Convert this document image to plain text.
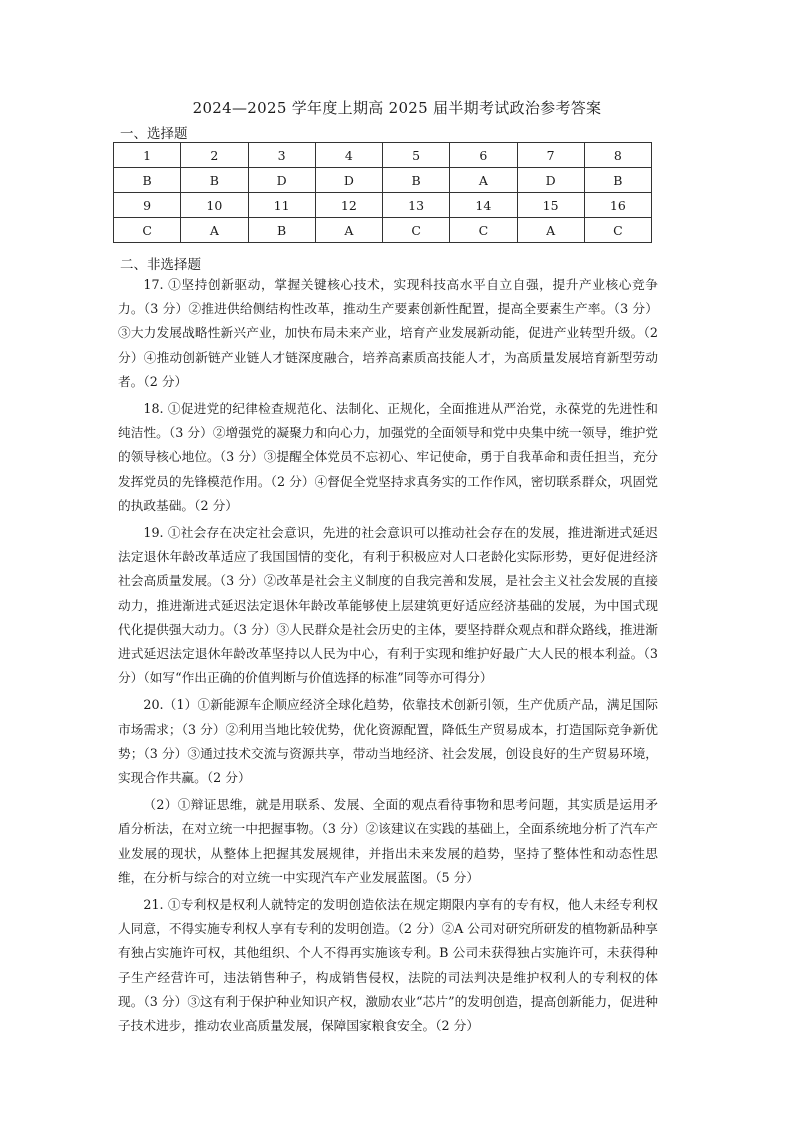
2024—2025 学年度上期高 2025 届半期考试政治参考答案
一、选择题
1	2	3	4	5	6	7	8
B	B	D	D	B	A	D	B
9	10	11	12	13	14	15	16
C	A	B	A	C	C	A	C
二、非选择题

17. ①坚持创新驱动，掌握关键核心技术，实现科技高水平自立自强，提升产业核心竞争力。（3 分）②推进供给侧结构性改革，推动生产要素创新性配置，提高全要素生产率。（3 分）③大力发展战略性新兴产业，加快布局未来产业，培育产业发展新动能，促进产业转型升级。（2 分）④推动创新链产业链人才链深度融合，培养高素质高技能人才，为高质量发展培育新型劳动者。（2 分）

18. ①促进党的纪律检查规范化、法制化、正规化，全面推进从严治党，永葆党的先进性和纯洁性。（3 分）②增强党的凝聚力和向心力，加强党的全面领导和党中央集中统一领导，维护党的领导核心地位。（3 分）③提醒全体党员不忘初心、牢记使命，勇于自我革命和责任担当，充分发挥党员的先锋模范作用。（2 分）④督促全党坚持求真务实的工作作风，密切联系群众，巩固党的执政基础。（2 分）

19. ①社会存在决定社会意识，先进的社会意识可以推动社会存在的发展，推进渐进式延迟法定退休年龄改革适应了我国国情的变化，有利于积极应对人口老龄化实际形势，更好促进经济社会高质量发展。（3 分）②改革是社会主义制度的自我完善和发展，是社会主义社会发展的直接动力，推进渐进式延迟法定退休年龄改革能够使上层建筑更好适应经济基础的发展，为中国式现代化提供强大动力。（3 分）③人民群众是社会历史的主体，要坚持群众观点和群众路线，推进渐进式延迟法定退休年龄改革坚持以人民为中心，有利于实现和维护好最广大人民的根本利益。（3 分）（如写“作出正确的价值判断与价值选择的标准”同等亦可得分）

20.（1）①新能源车企顺应经济全球化趋势，依靠技术创新引领，生产优质产品，满足国际市场需求；（3 分）②利用当地比较优势，优化资源配置，降低生产贸易成本，打造国际竞争新优势；（3 分）③通过技术交流与资源共享，带动当地经济、社会发展，创设良好的生产贸易环境，实现合作共赢。（2 分）

（2）①辩证思维，就是用联系、发展、全面的观点看待事物和思考问题，其实质是运用矛盾分析法，在对立统一中把握事物。（3 分）②该建议在实践的基础上，全面系统地分析了汽车产业发展的现状，从整体上把握其发展规律，并指出未来发展的趋势，坚持了整体性和动态性思维，在分析与综合的对立统一中实现汽车产业发展蓝图。（5 分）

21. ①专利权是权利人就特定的发明创造依法在规定期限内享有的专有权，他人未经专利权人同意，不得实施专利权人享有专利的发明创造。（2 分）②A 公司对研究所研发的植物新品种享有独占实施许可权，其他组织、个人不得再实施该专利。B 公司未获得独占实施许可，未获得种子生产经营许可，违法销售种子，构成销售侵权，法院的司法判决是维护权利人的专利权的体现。（3 分）③这有利于保护种业知识产权，激励农业“芯片”的发明创造，提高创新能力，促进种子技术进步，推动农业高质量发展，保障国家粮食安全。（2 分）
